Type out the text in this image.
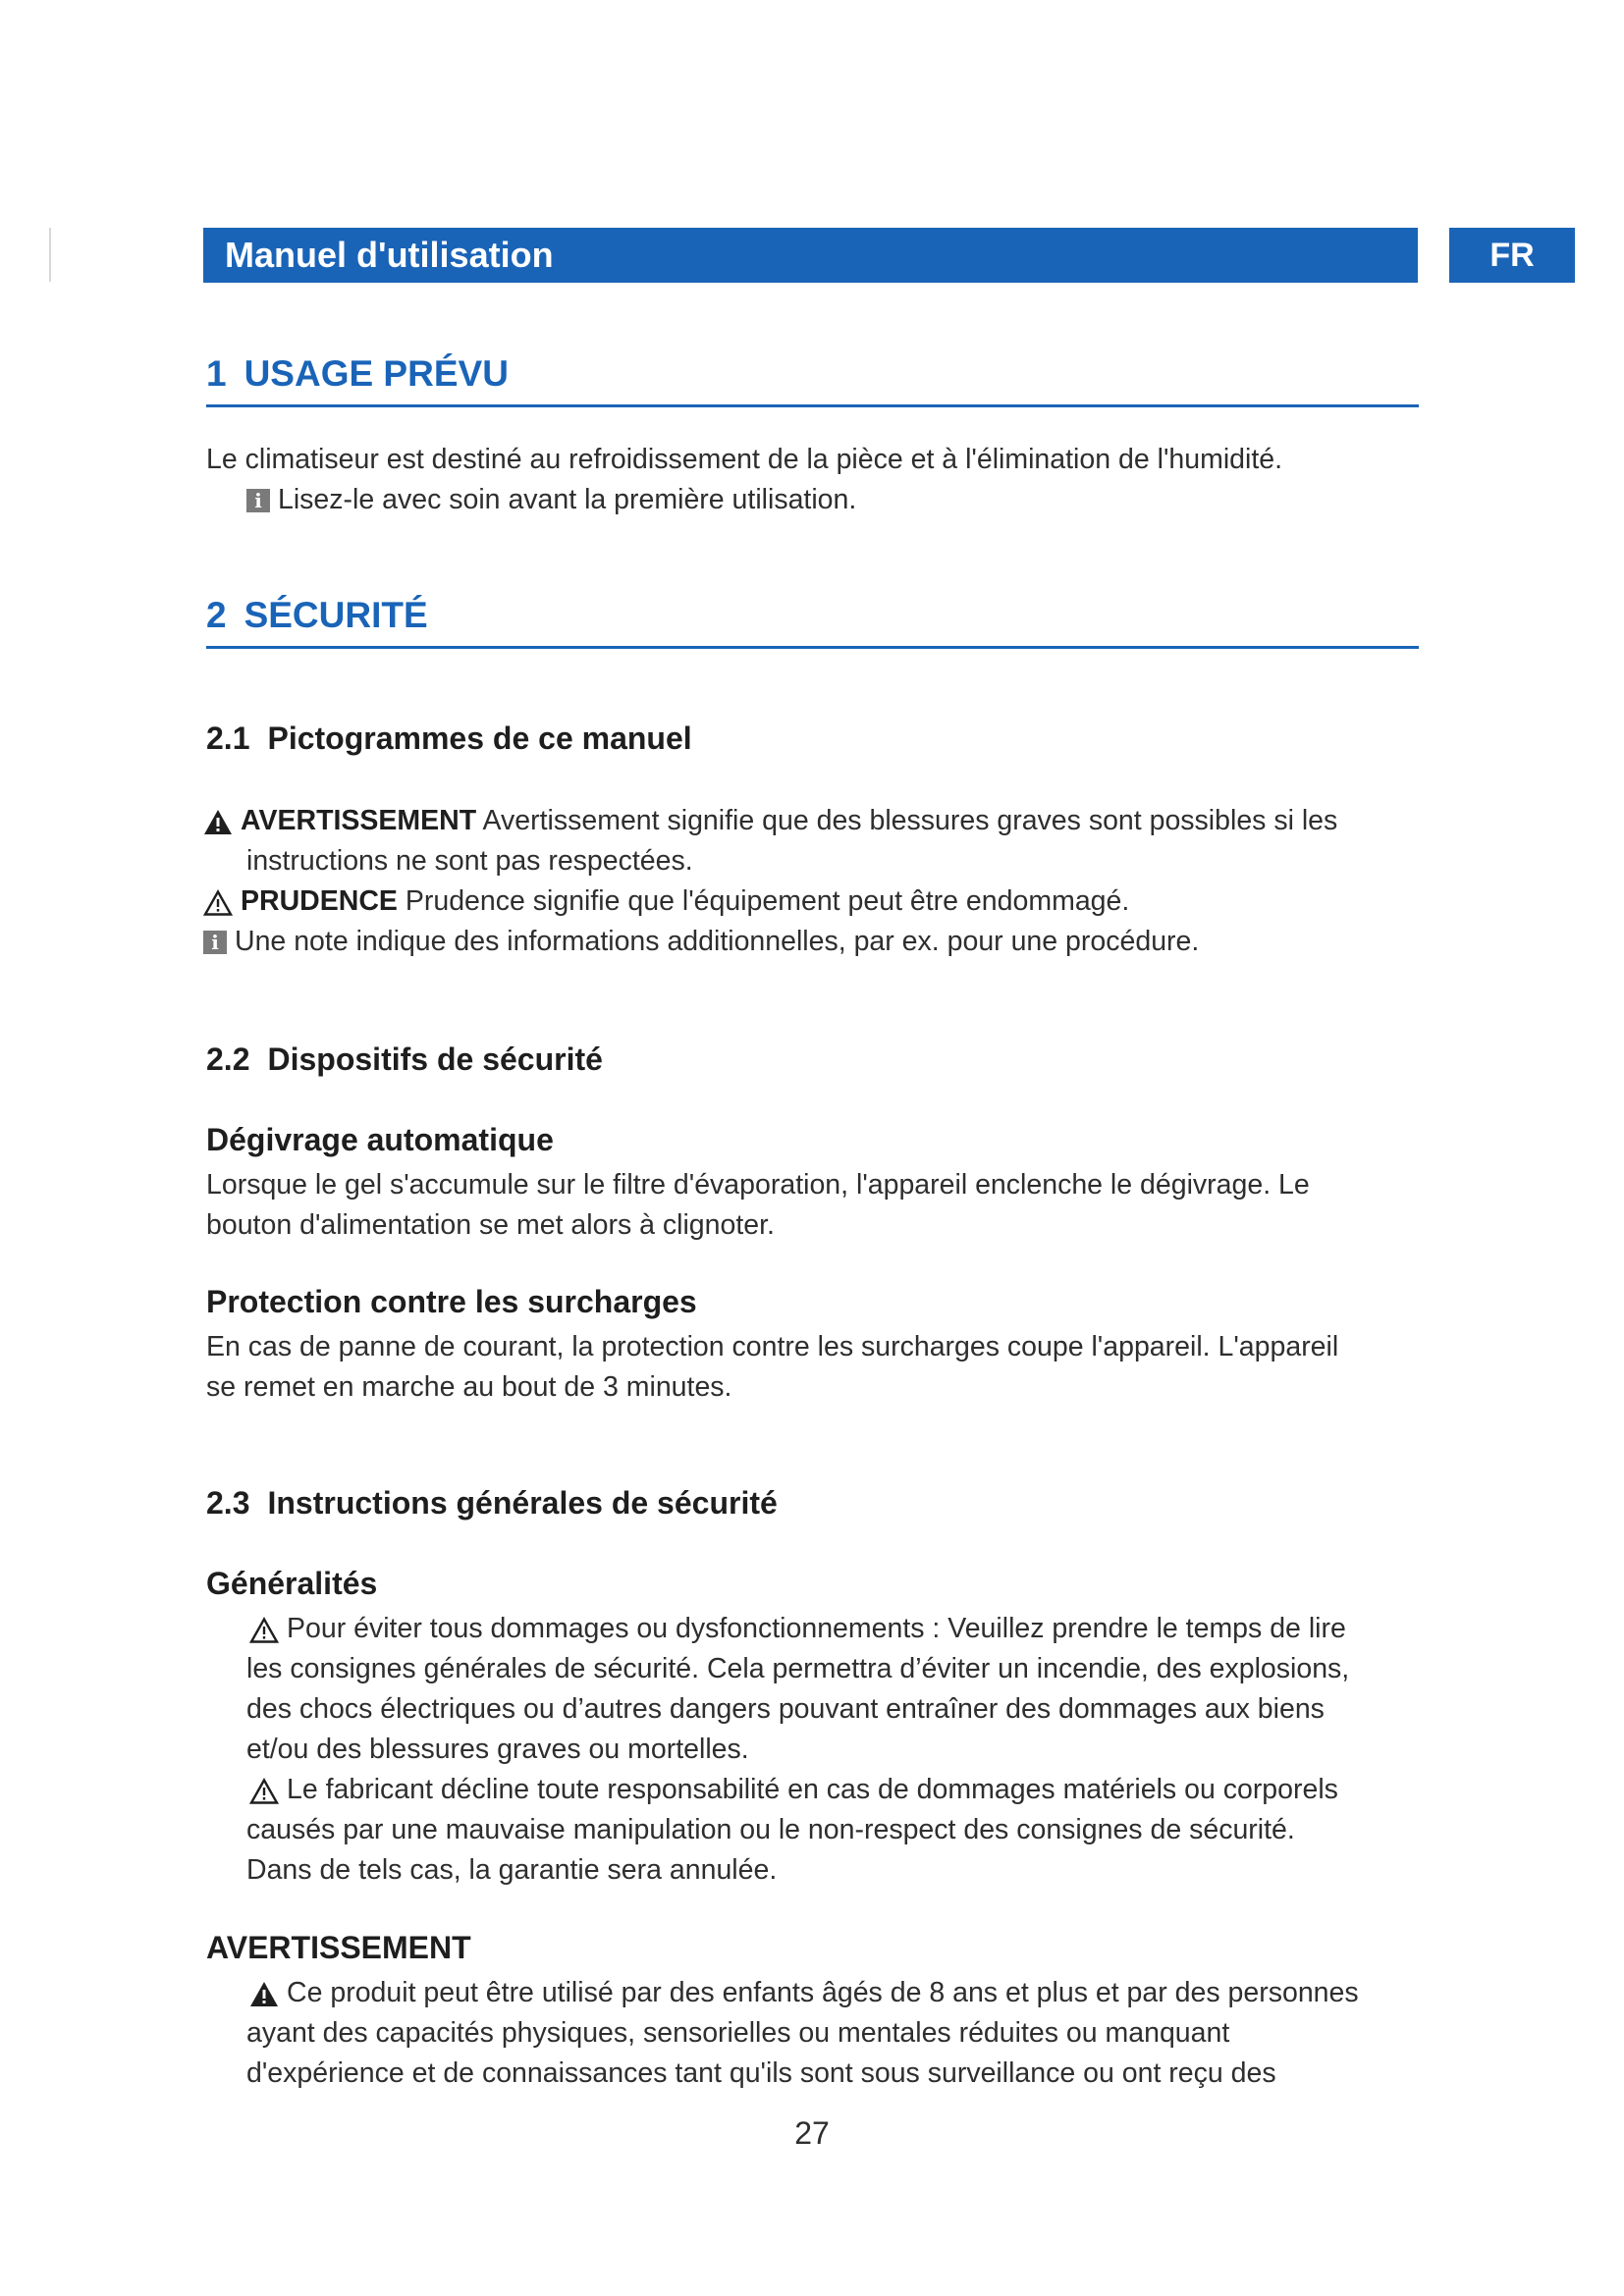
Manuel d'utilisation	FR
1 USAGE PRÉVU
Le climatiseur est destiné au refroidissement de la pièce et à l'élimination de l'humidité.
i Lisez-le avec soin avant la première utilisation.
2 SÉCURITÉ
2.1 Pictogrammes de ce manuel
AVERTISSEMENT Avertissement signifie que des blessures graves sont possibles si les
instructions ne sont pas respectées.
PRUDENCE Prudence signifie que l'équipement peut être endommagé.
i Une note indique des informations additionnelles, par ex. pour une procédure.
2.2 Dispositifs de sécurité
Dégivrage automatique
Lorsque le gel s'accumule sur le filtre d'évaporation, l'appareil enclenche le dégivrage. Le
bouton d'alimentation se met alors à clignoter.
Protection contre les surcharges
En cas de panne de courant, la protection contre les surcharges coupe l'appareil. L'appareil
se remet en marche au bout de 3 minutes.
2.3 Instructions générales de sécurité
Généralités
Pour éviter tous dommages ou dysfonctionnements : Veuillez prendre le temps de lire
les consignes générales de sécurité. Cela permettra d’éviter un incendie, des explosions,
des chocs électriques ou d’autres dangers pouvant entraîner des dommages aux biens
et/ou des blessures graves ou mortelles.
Le fabricant décline toute responsabilité en cas de dommages matériels ou corporels
causés par une mauvaise manipulation ou le non-respect des consignes de sécurité.
Dans de tels cas, la garantie sera annulée.
AVERTISSEMENT
Ce produit peut être utilisé par des enfants âgés de 8 ans et plus et par des personnes
ayant des capacités physiques, sensorielles ou mentales réduites ou manquant
d'expérience et de connaissances tant qu'ils sont sous surveillance ou ont reçu des
27
